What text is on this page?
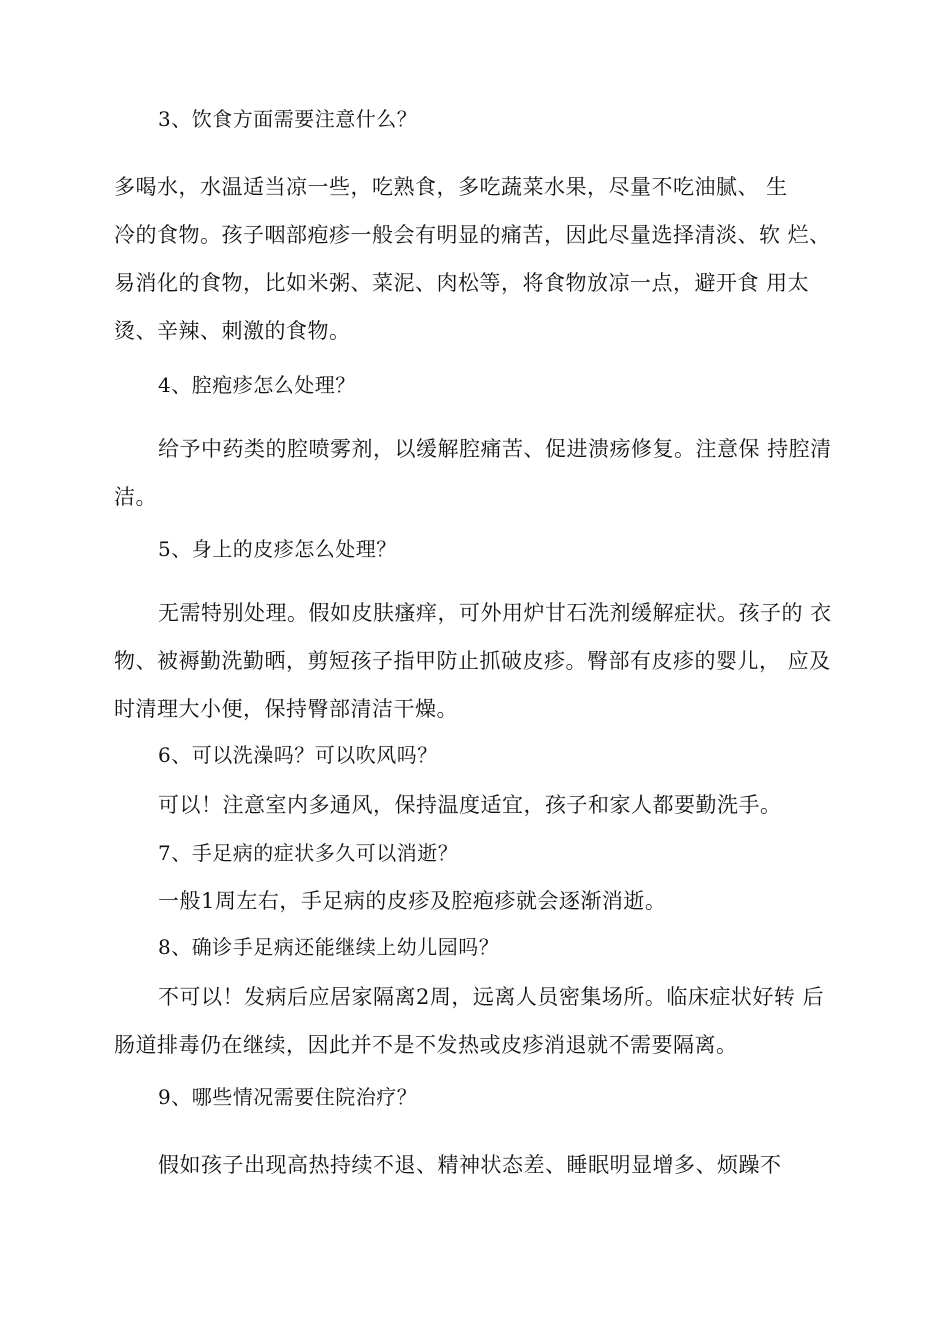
3、饮食方面需要注意什么？
多喝水，水温适当凉一些，吃熟食，多吃蔬菜水果，尽量不吃油腻、 生
冷的食物。孩子咽部疱疹一般会有明显的痛苦，因此尽量选择清淡、软 烂、
易消化的食物，比如米粥、菜泥、肉松等，将食物放凉一点，避开食 用太
烫、辛辣、刺激的食物。
4、腔疱疹怎么处理？
给予中药类的腔喷雾剂，以缓解腔痛苦、促进溃疡修复。注意保 持腔清
洁。
5、身上的皮疹怎么处理？
无需特别处理。假如皮肤瘙痒，可外用炉甘石洗剂缓解症状。孩子的 衣
物、被褥勤洗勤晒，剪短孩子指甲防止抓破皮疹。臀部有皮疹的婴儿， 应及
时清理大小便，保持臀部清洁干燥。
6、可以洗澡吗？可以吹风吗？
可以！注意室内多通风，保持温度适宜，孩子和家人都要勤洗手。
7、手足病的症状多久可以消逝？
一般1周左右，手足病的皮疹及腔疱疹就会逐渐消逝。
8、确诊手足病还能继续上幼儿园吗？
不可以！发病后应居家隔离2周，远离人员密集场所。临床症状好转 后
肠道排毒仍在继续，因此并不是不发热或皮疹消退就不需要隔离。
9、哪些情况需要住院治疗？
假如孩子出现高热持续不退、精神状态差、睡眠明显增多、烦躁不
